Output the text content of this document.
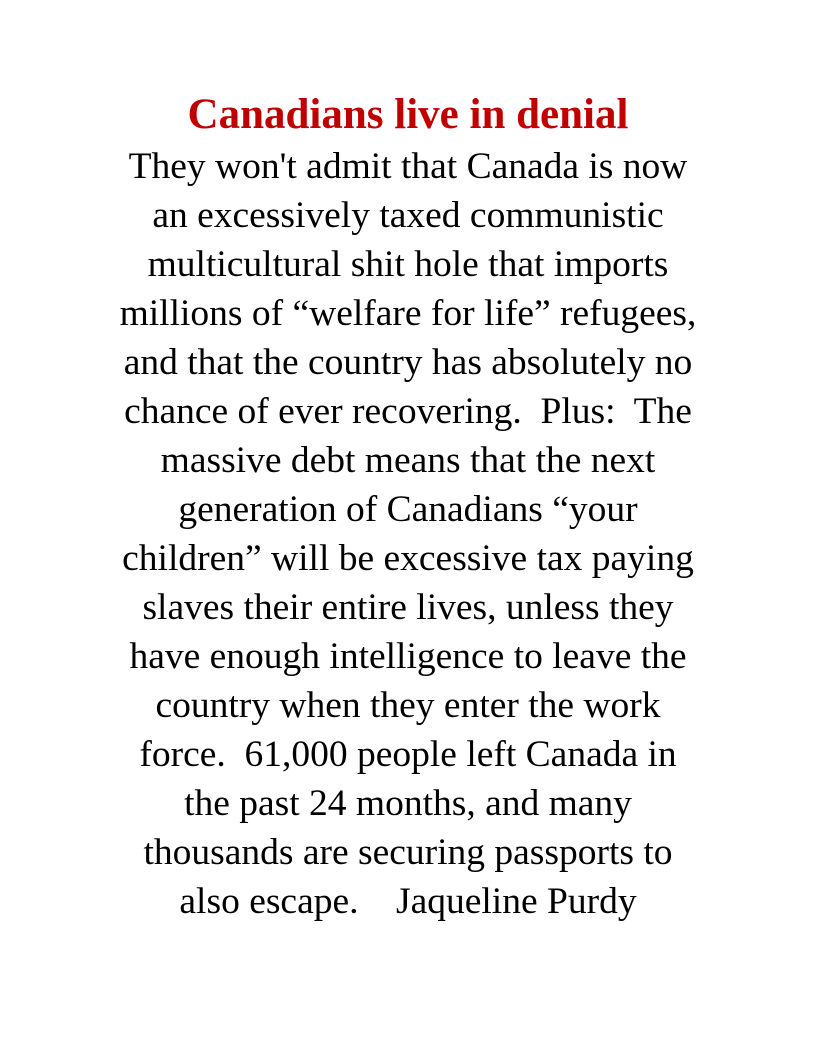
Canadians live in denial
They won't admit that Canada is now
an excessively taxed communistic
multicultural shit hole that imports
millions of “welfare for life” refugees,
and that the country has absolutely no
chance of ever recovering.  Plus:  The
massive debt means that the next
generation of Canadians “your
children” will be excessive tax paying
slaves their entire lives, unless they
have enough intelligence to leave the
country when they enter the work
force.  61,000 people left Canada in
the past 24 months, and many
thousands are securing passports to
also escape.    Jaqueline Purdy
